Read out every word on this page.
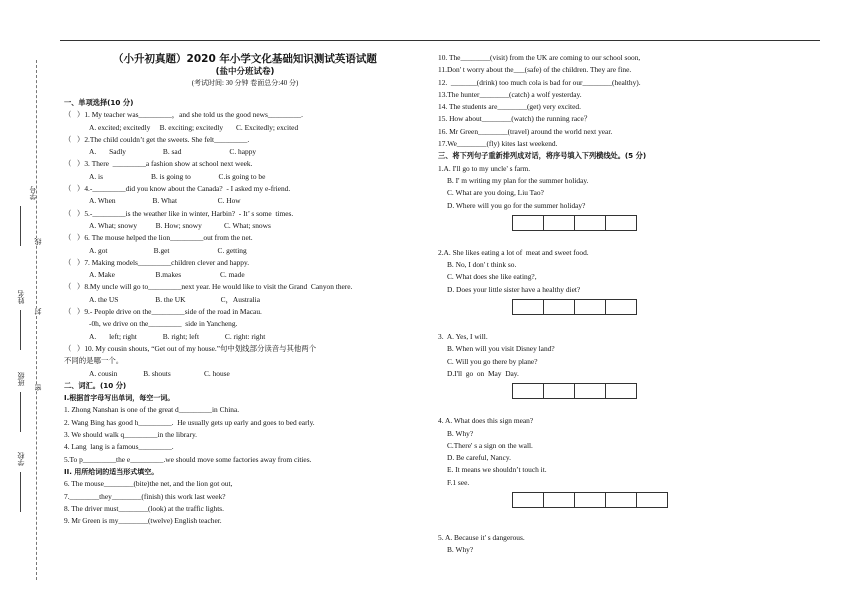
学号
线
姓名
封
班级
密
学校
（小升初真题）2020 年小学文化基础知识测试英语试题
(盐中分班试卷)
(考试时间: 30 分钟 卷面总分:40 分)
一、单项选择(10 分)
（   ）1. My teacher was_________，and she told us the good news_________.
A. excited; excitedly     B. exciting; excitedly       C. Excitedly; excited
（   ）2.The child couldn’t get the sweets. She felt_________.
A.       Sadly                    B. sad                          C. happy
（   ）3. There  _________a fashion show at school next week.
A. is                          B. is going to               C.is going to be
（   ）4.-_________did you know about the Canada?  - I asked my e-friend.
A. When                    B. What                      C. How
（   ）5.-_________is the weather like in winter, Harbin?  - It’ s some  times.
A. What; snowy          B. How; snowy            C. What; snows
（   ）6. The mouse helped the lion_________out from the net.
A. got                         B.get                          C. getting
（   ）7. Making models_________children clever and happy.
A. Make                      B.makes                     C. made
（   ）8.My uncle will go to_________next year. He would like to visit the Grand  Canyon there.
A. the US                    B. the UK                   C，Australia
（   ）9.- People drive on the_________side of the road in Macau.
-0h, we drive on the_________  side in Yancheng.
A.       left; right              B. right; left              C. right: right
（   ）10. My cousin shouts, “Get out of my house.”句中划线部分读音与其他两个
不同的是哪一个。
A. cousin              B. shouts                  C. house
二、词汇。(10 分)
I.根据首字母写出单词，每空一词。
1. Zhong Nanshan is one of the great d_________in China.
2. Wang Bing has good h_________.  He usually gets up early and goes to bed early.
3. We should walk q_________in the library.
4. Lang  lang is a famous_________.
5.To p_________the e_________.we should move some factories away from cities.
II. 用所给词的适当形式填空。
6. The mouse________(bite)the net, and the lion got out,
7.________they________(finish) this work last week?
8. The driver must________(look) at the traffic lights.
9. Mr Green is my________(twelve) English teacher.
10. The________(visit) from the UK are coming to our school soon,
11.Don' t worry about the___(safe) of the children. They are fine.
12.  _______(drink) too much cola is bad for our________(healthy).
13.The hunter________(catch) a wolf yesterday.
14. The students are________(get) very excited.
15. How about________(watch) the running race？
16. Mr Green________(travel) around the world next year.
17.We________(fly) kites last weekend.
三、将下列句子重新排列成对话，将序号填入下列横线处。(5 分)
1.A. I'll go to my uncle' s farm.
B. I' m writing my plan for the summer holiday.
C. What are you doing, Liu Tao?
D. Where will you go for the summer holiday?
2.A. She likes eating a lot of  meat and sweet food.
B. No, I don' t think so.
C. What does she like eating?,
D. Does your little sister have a healthy diet?
3.  A. Yes, I will.
B. When will you visit Disney land?
C. Will you go there by plane?
D.I'll  go  on  May  Day.
4. A. What does this sign mean?
B. Why?
C.There' s a sign on the wall.
D. Be careful, Nancy.
E. It means we shouldn’t touch it.
F.1 see.
5. A. Because it' s dangerous.
B. Why?
